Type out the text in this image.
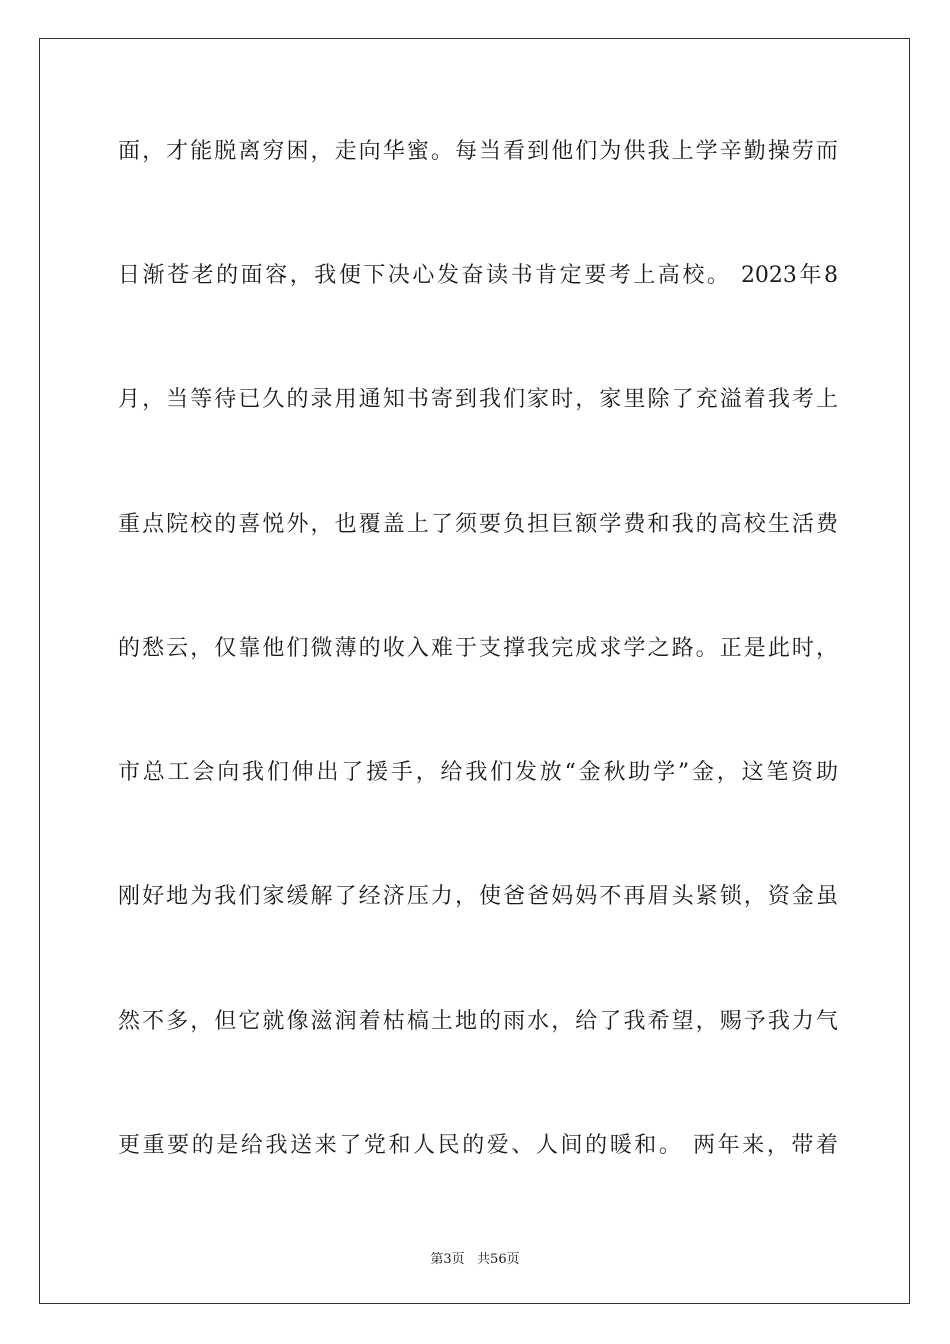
面，才能脱离穷困，走向华蜜。每当看到他们为供我上学辛勤操劳而
日渐苍老的面容，我便下决心发奋读书肯定要考上高校。 2023年8
月，当等待已久的录用通知书寄到我们家时，家里除了充溢着我考上
重点院校的喜悦外，也覆盖上了须要负担巨额学费和我的高校生活费
的愁云，仅靠他们微薄的收入难于支撑我完成求学之路。正是此时，
市总工会向我们伸出了援手，给我们发放“金秋助学”金，这笔资助
刚好地为我们家缓解了经济压力，使爸爸妈妈不再眉头紧锁，资金虽
然不多，但它就像滋润着枯槁土地的雨水，给了我希望，赐予我力气
更重要的是给我送来了党和人民的爱、人间的暖和。 两年来，带着
第3页   共56页
